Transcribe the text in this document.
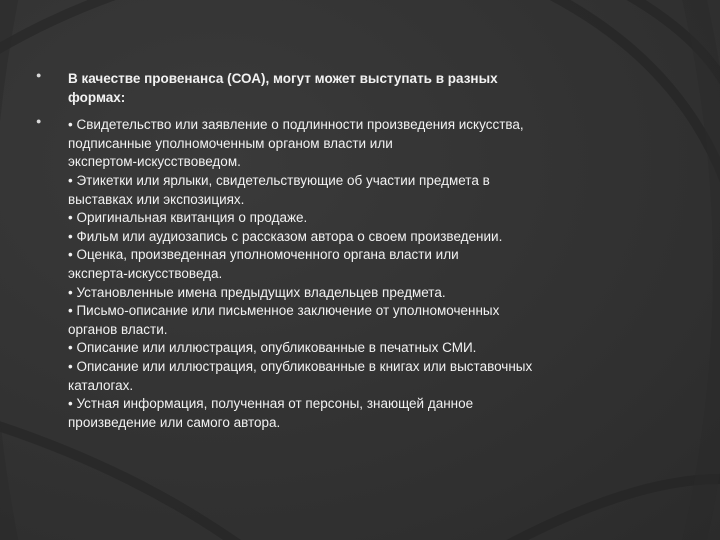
● В качестве провенанса (СОА), могут может выступать в разных
формах:
● • Свидетельство или заявление о подлинности произведения искусства,
подписанные уполномоченным органом власти или
экспертом-искусствоведом.
• Этикетки или ярлыки, свидетельствующие об участии предмета в
выставках или экспозициях.
• Оригинальная квитанция о продаже.
• Фильм или аудиозапись с рассказом автора о своем произведении.
• Оценка, произведенная уполномоченного органа власти или
эксперта-искусствоведа.
• Установленные имена предыдущих владельцев предмета.
• Письмо-описание или письменное заключение от уполномоченных
органов власти.
• Описание или иллюстрация, опубликованные в печатных СМИ.
• Описание или иллюстрация, опубликованные в книгах или выставочных
каталогах.
• Устная информация, полученная от персоны, знающей данное
произведение или самого автора.
